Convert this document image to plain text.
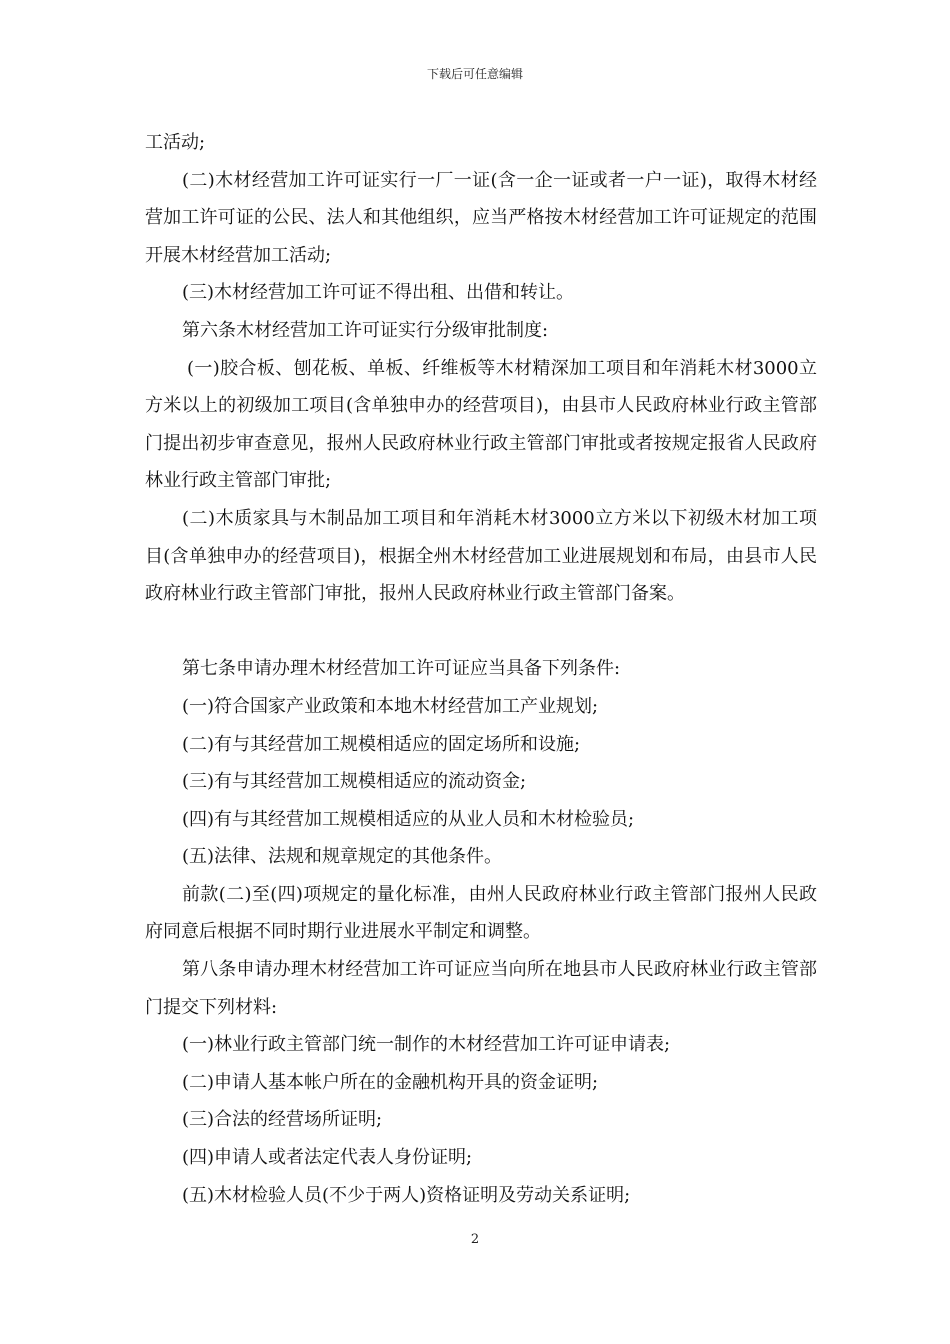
下载后可任意编辑

工活动;

(二)木材经营加工许可证实行一厂一证(含一企一证或者一户一证)，取得木材经营加工许可证的公民、法人和其他组织，应当严格按木材经营加工许可证规定的范围开展木材经营加工活动;

(三)木材经营加工许可证不得出租、出借和转让。

第六条木材经营加工许可证实行分级审批制度:

(一)胶合板、刨花板、单板、纤维板等木材精深加工项目和年消耗木材3000立方米以上的初级加工项目(含单独申办的经营项目)，由县市人民政府林业行政主管部门提出初步审查意见，报州人民政府林业行政主管部门审批或者按规定报省人民政府林业行政主管部门审批;

(二)木质家具与木制品加工项目和年消耗木材3000立方米以下初级木材加工项目(含单独申办的经营项目)，根据全州木材经营加工业进展规划和布局，由县市人民政府林业行政主管部门审批，报州人民政府林业行政主管部门备案。

第七条申请办理木材经营加工许可证应当具备下列条件:

(一)符合国家产业政策和本地木材经营加工产业规划;

(二)有与其经营加工规模相适应的固定场所和设施;

(三)有与其经营加工规模相适应的流动资金;

(四)有与其经营加工规模相适应的从业人员和木材检验员;

(五)法律、法规和规章规定的其他条件。

前款(二)至(四)项规定的量化标准，由州人民政府林业行政主管部门报州人民政府同意后根据不同时期行业进展水平制定和调整。

第八条申请办理木材经营加工许可证应当向所在地县市人民政府林业行政主管部门提交下列材料:

(一)林业行政主管部门统一制作的木材经营加工许可证申请表;

(二)申请人基本帐户所在的金融机构开具的资金证明;

(三)合法的经营场所证明;

(四)申请人或者法定代表人身份证明;

(五)木材检验人员(不少于两人)资格证明及劳动关系证明;

2
